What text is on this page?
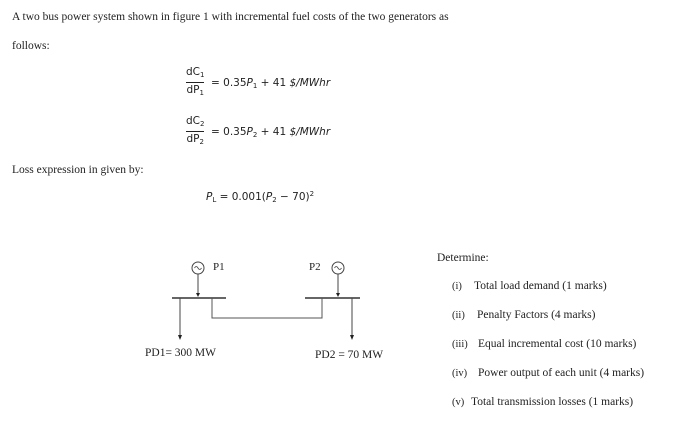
A two bus power system shown in figure 1 with incremental fuel costs of the two generators as
follows:
$dC_1$
$dP_1$
= $0.35P_1 + 41$ $/MWhr
$dC_2$
$dP_2$
= $0.35P_2 + 41$ $/MWhr
Loss expression in given by:
$P_L = 0.001(P_2 - 70)^2$
P1	P2
PD1= 300 MW	PD2 = 70 MW
Determine:
(i) Total load demand (1 marks)
(ii) Penalty Factors (4 marks)
(iii) Equal incremental cost (10 marks)
(iv) Power output of each unit (4 marks)
(v) Total transmission losses (1 marks)
